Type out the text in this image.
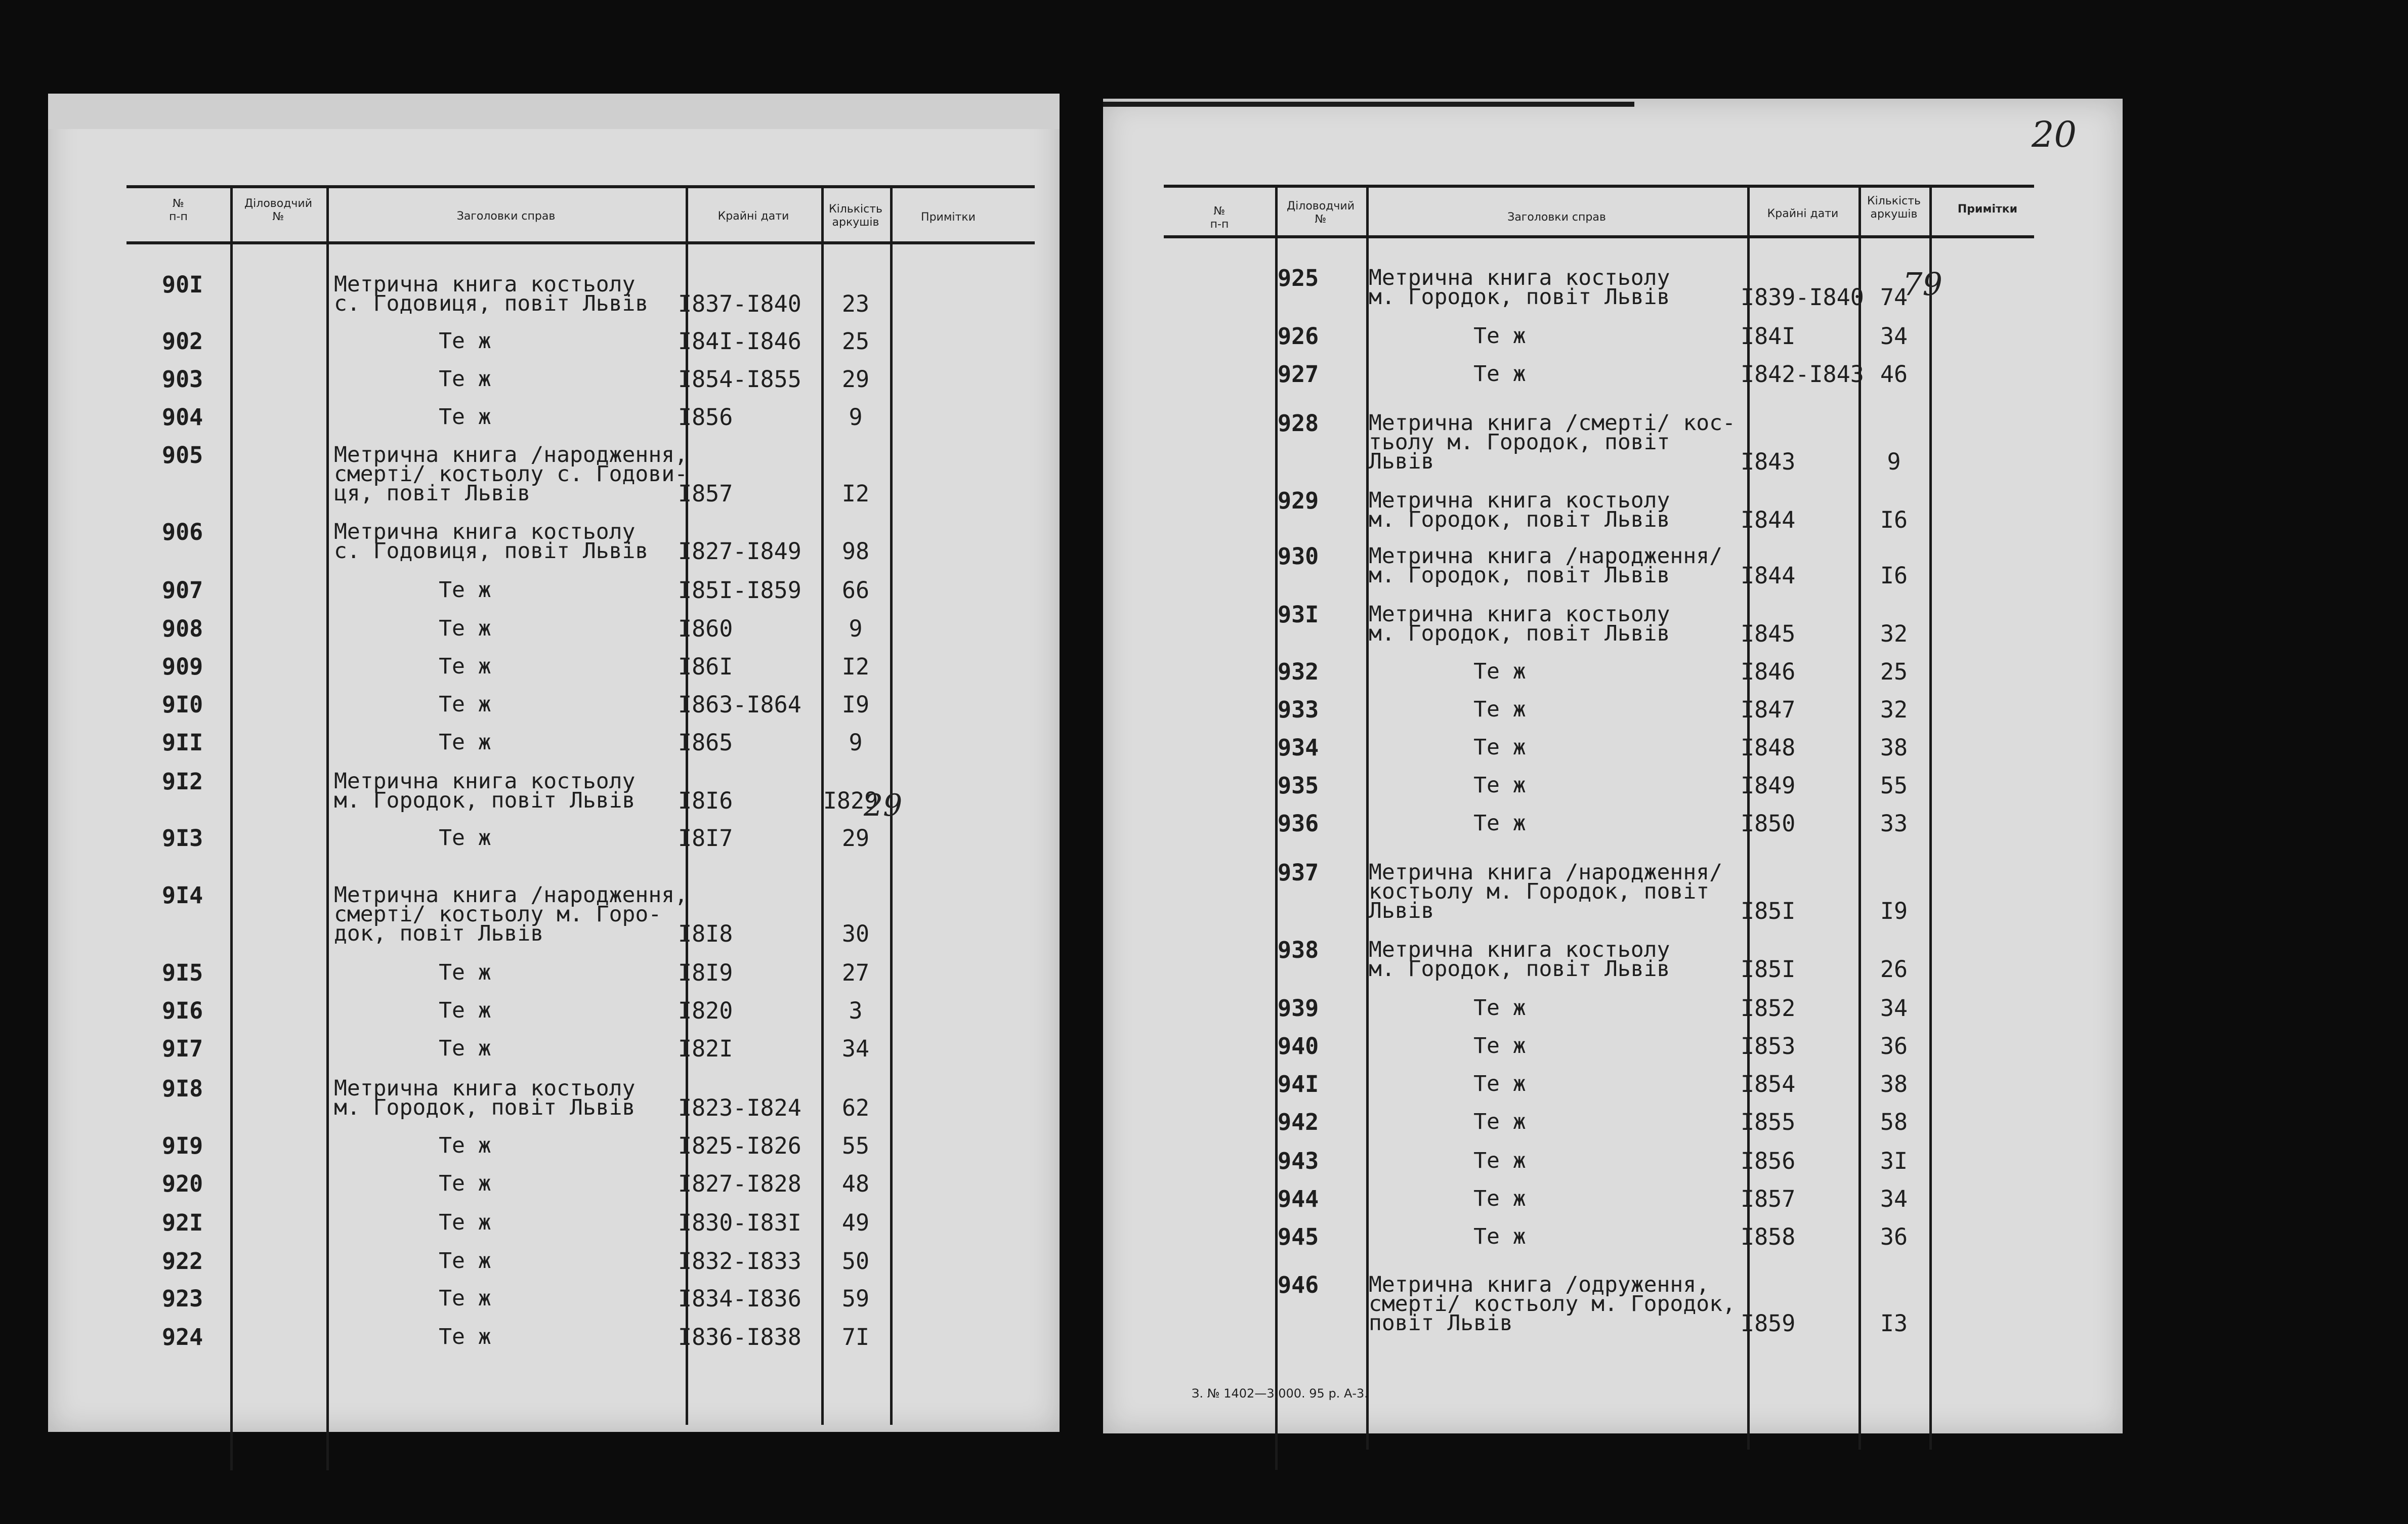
№
п-п
Діловодчий
№	Заголовки справ	Крайні дати
Кількість
аркушів	Примітки
90I	Метрична книга костьолу
с. Годовиця, повіт Львів I837-I840	23
902	Те ж	I84I-I846	25
903	Те ж	I854-I855	29
904	Те ж	I856	9
905	Метрична книга /народження,
смерті/ костьолу с. Годови-
ця, повіт Львів	I857	I2
906	Метрична книга костьолу
с. Годовиця, повіт Львів I827-I849	98
907	Те ж	I85I-I859	66
908	Те ж	I860	9
909	Те ж	I86I	I2
9I0	Те ж	I863-I864	I9
9II	Те ж	I865	9
9I2	Метрична книга костьолу
м. Городок, повіт Львів I8I6	I829
9I3	Те ж	I8I7	29
9I4	Метрична книга /народження,
смерті/ костьолу м. Горо-
док, повіт Львів	I8I8	30
9I5	Те ж	I8I9	27
9I6	Те ж	I820	3
9I7	Те ж	I82I	34
9I8	Метрична книга костьолу
м. Городок, повіт Львів I823-I824	62
9I9	Те ж	I825-I826	55
920	Те ж	I827-I828	48
92I	Те ж	I830-I83I	49
922	Те ж	I832-I833	50
923	Те ж	I834-I836	59
924	Те ж	I836-I838	7I
29
20
№
п-п
Діловодчий
№	Заголовки справ	Крайні дати
Кількість
аркушів	Примітки
925 Метрична книга костьолу
м. Городок, повіт Львів	I839-I840 74
926 Те ж	I84I	34
927 Те ж	I842-I843 46
928 Метрична книга /смерті/ кос-
тьолу м. Городок, повіт
Львів	I843	9
929 Метрична книга костьолу
м. Городок, повіт Львів	I844	I6
930 Метрична книга /народження/
м. Городок, повіт Львів	I844	I6
93I Метрична книга костьолу
м. Городок, повіт Львів	I845	32
932 Те ж	I846	25
933 Те ж	I847	32
934 Те ж	I848	38
935 Те ж	I849	55
936 Те ж	I850	33
937 Метрична книга /народження/
костьолу м. Городок, повіт
Львів	I85I	I9
938 Метрична книга костьолу
м. Городок, повіт Львів	I85I	26
939 Те ж	I852	34
940 Те ж	I853	36
94I Те ж	I854	38
942 Те ж	I855	58
943 Те ж	I856	3I
944 Те ж	I857	34
945 Те ж	I858	36
946 Метрична книга /одруження,
смерті/ костьолу м. Городок,
повіт Львів	I859	I3
79
З. № 1402—3.000. 95 р. А-3.
